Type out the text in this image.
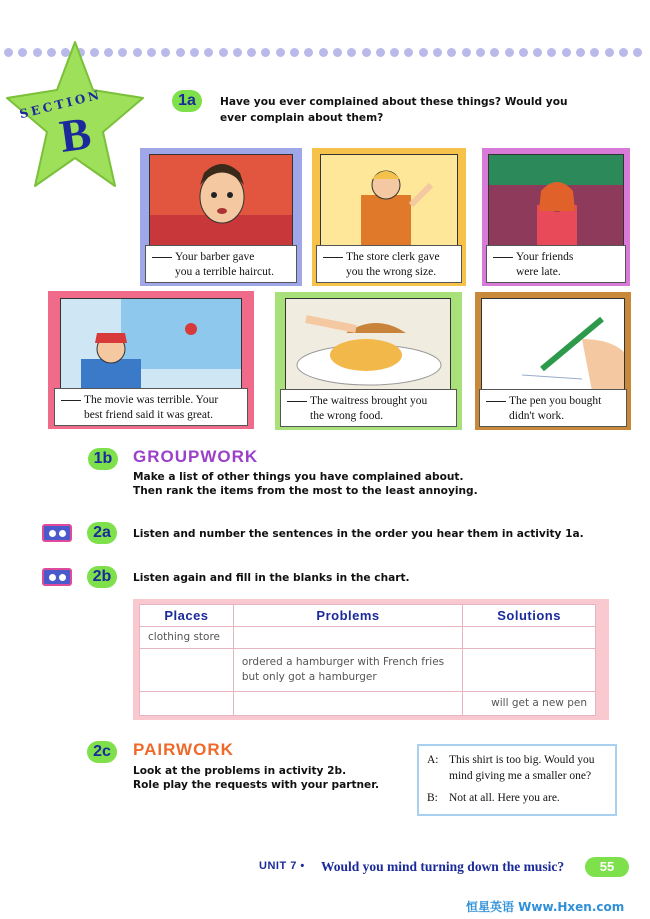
SECTION
B
1a	Have you ever complained about these things? Would you
ever complain about them?
Your barber gave
you a terrible haircut.
The store clerk gave
you the wrong size.
Your friends
were late.
The movie was terrible. Your
best friend said it was great.
The waitress brought you
the wrong food.
The pen you bought
didn't work.
1b	GROUPWORK
Make a list of other things you have complained about.
Then rank the items from the most to the least annoying.
2a	Listen and number the sentences in the order you hear them in activity 1a.
2b	Listen again and fill in the blanks in the chart.
Places	Problems	Solutions
clothing store		
	ordered a hamburger with French fries
but only got a hamburger	
		will get a new pen
2c	PAIRWORK
Look at the problems in activity 2b.
Role play the requests with your partner.
A: This shirt is too big. Would you
mind giving me a smaller one?
B: Not at all. Here you are.
UNIT 7 • Would you mind turning down the music?	55
恒星英语 Www.Hxen.com
